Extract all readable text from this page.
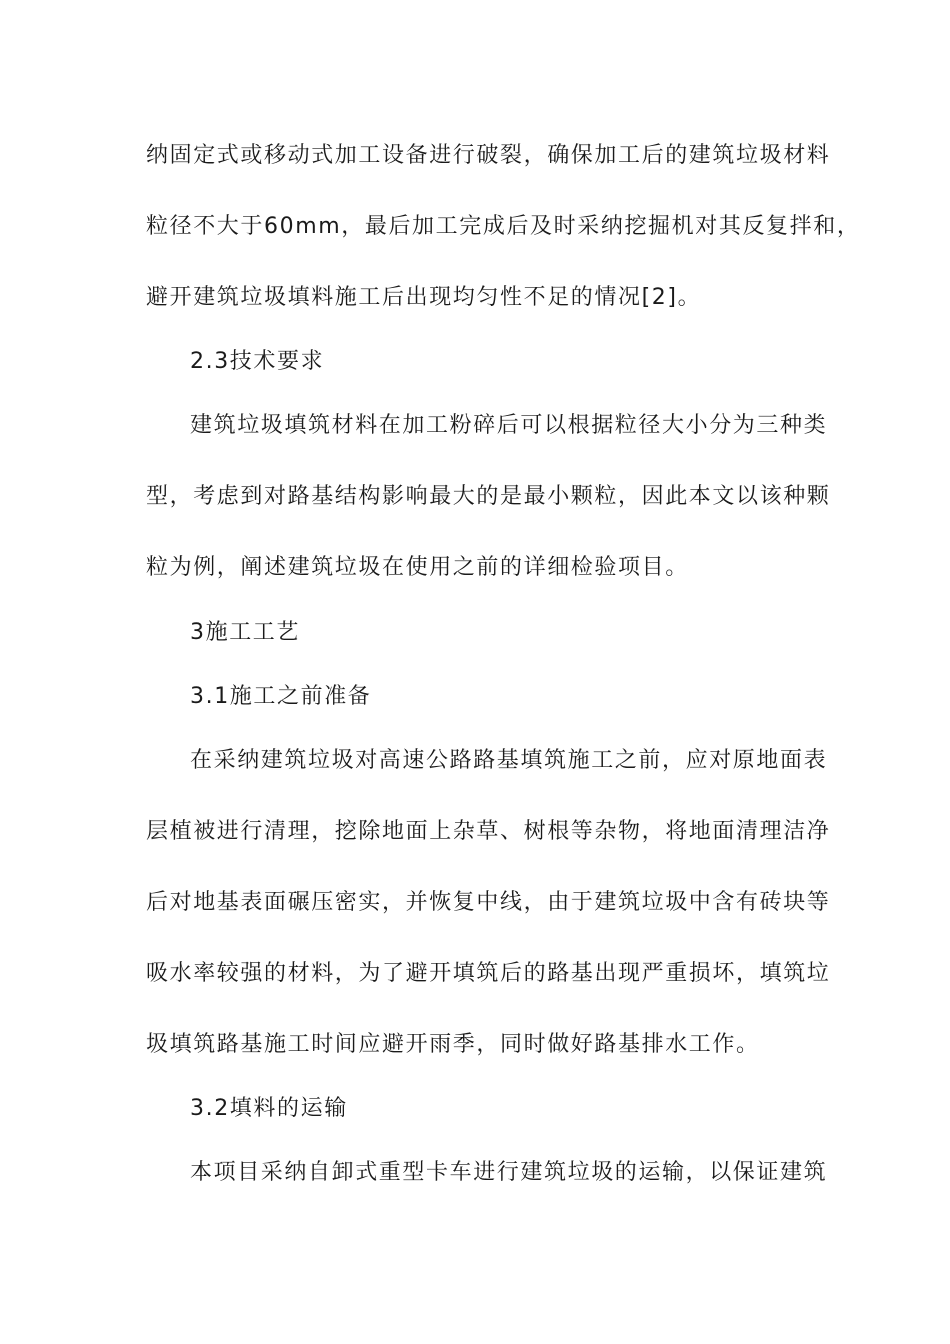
纳固定式或移动式加工设备进行破裂，确保加工后的建筑垃圾材料
粒径不大于60mm，最后加工完成后及时采纳挖掘机对其反复拌和，
避开建筑垃圾填料施工后出现均匀性不足的情况[2]。
2.3技术要求
建筑垃圾填筑材料在加工粉碎后可以根据粒径大小分为三种类
型，考虑到对路基结构影响最大的是最小颗粒，因此本文以该种颗
粒为例，阐述建筑垃圾在使用之前的详细检验项目。
3施工工艺
3.1施工之前准备
在采纳建筑垃圾对高速公路路基填筑施工之前，应对原地面表
层植被进行清理，挖除地面上杂草、树根等杂物，将地面清理洁净
后对地基表面碾压密实，并恢复中线，由于建筑垃圾中含有砖块等
吸水率较强的材料，为了避开填筑后的路基出现严重损坏，填筑垃
圾填筑路基施工时间应避开雨季，同时做好路基排水工作。
3.2填料的运输
本项目采纳自卸式重型卡车进行建筑垃圾的运输，以保证建筑
